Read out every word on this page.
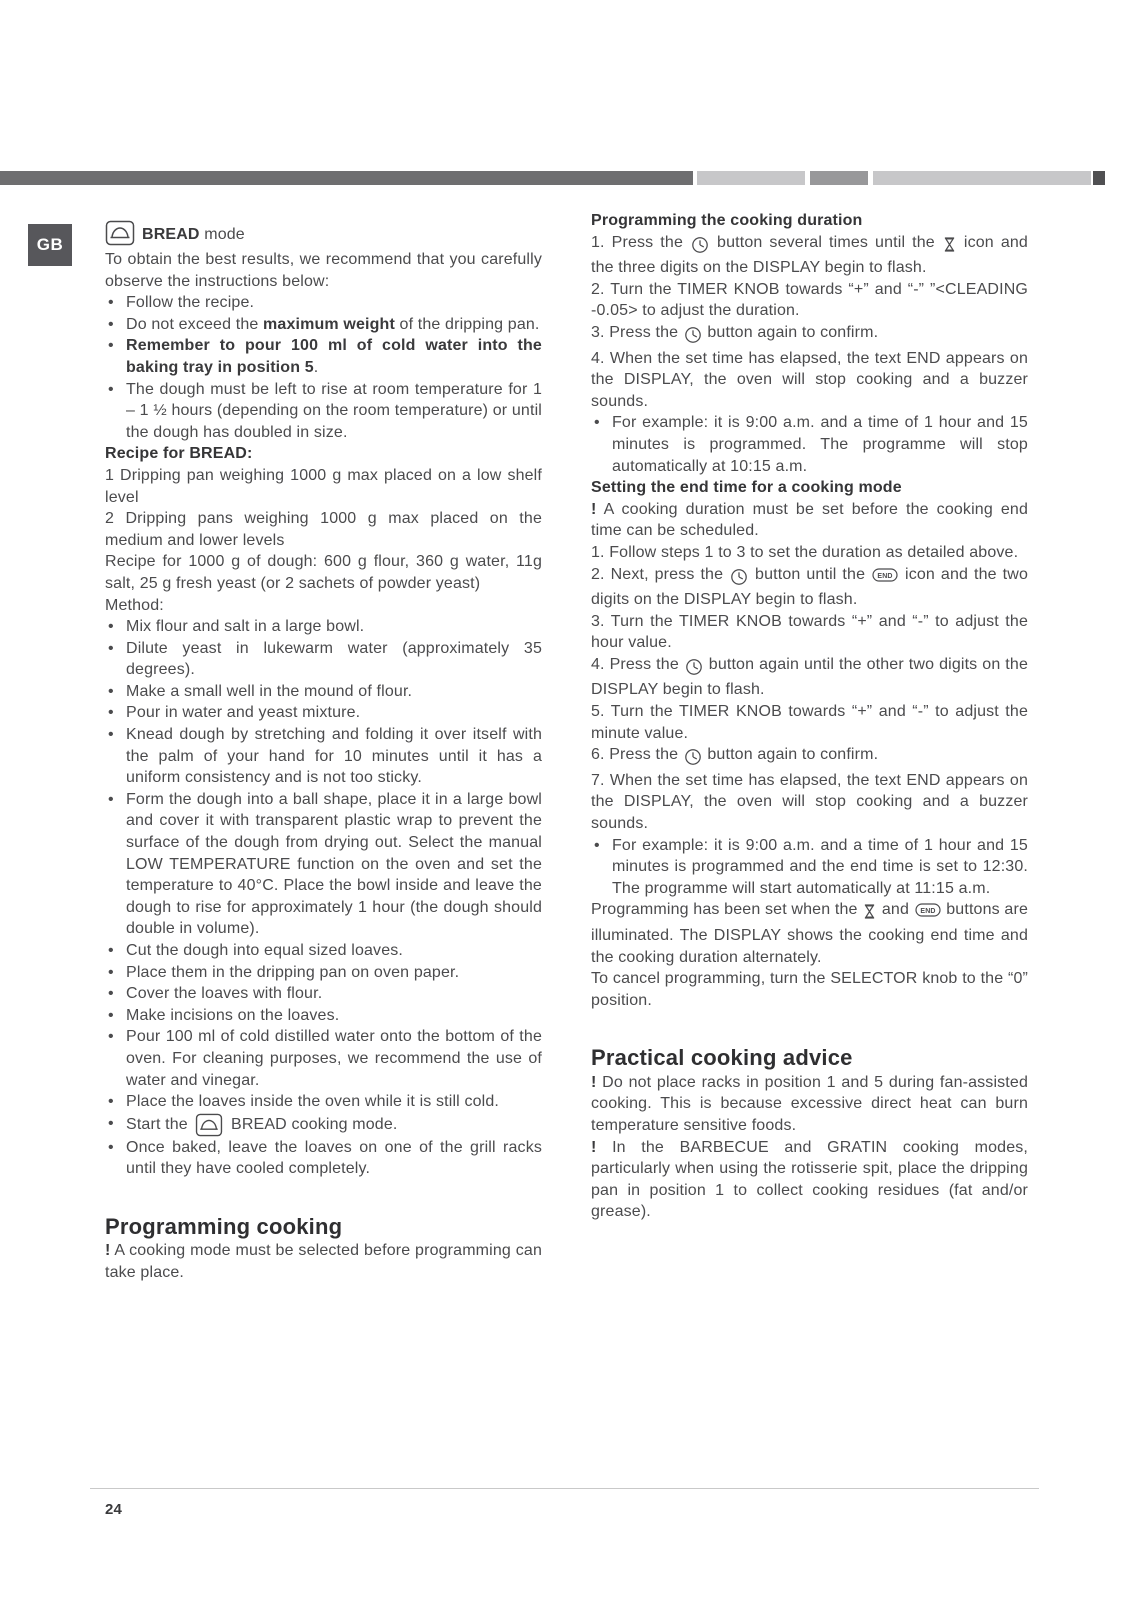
GB	BREAD mode

To obtain the best results, we recommend that you carefully observe the instructions below:

• Follow the recipe.
• Do not exceed the maximum weight of the dripping pan.
• Remember to pour 100 ml of cold water into the baking tray in position 5.
• The dough must be left to rise at room temperature for 1 – 1 ½ hours (depending on the room temperature) or until the dough has doubled in size.

Recipe for BREAD:

1 Dripping pan weighing 1000 g max placed on a low shelf level

2 Dripping pans weighing 1000 g max placed on the medium and lower levels

Recipe for 1000 g of dough: 600 g flour, 360 g water, 11g salt, 25 g fresh yeast (or 2 sachets of powder yeast)

Method:

• Mix flour and salt in a large bowl.
• Dilute yeast in lukewarm water (approximately 35 degrees).
• Make a small well in the mound of flour.
• Pour in water and yeast mixture.
• Knead dough by stretching and folding it over itself with the palm of your hand for 10 minutes until it has a uniform consistency and is not too sticky.
• Form the dough into a ball shape, place it in a large bowl and cover it with transparent plastic wrap to prevent the surface of the dough from drying out. Select the manual LOW TEMPERATURE function on the oven and set the temperature to 40°C. Place the bowl inside and leave the dough to rise for approximately 1 hour (the dough should double in volume).
• Cut the dough into equal sized loaves.
• Place them in the dripping pan on oven paper.
• Cover the loaves with flour.
• Make incisions on the loaves.
• Pour 100 ml of cold distilled water onto the bottom of the oven. For cleaning purposes, we recommend the use of water and vinegar.
• Place the loaves inside the oven while it is still cold.
• Start the
BREAD cooking mode.
• Once baked, leave the loaves on one of the grill racks until they have cooled completely.
Programming cooking

! A cooking mode must be selected before programming can take place.

Programming the cooking duration

1. Press the  button several times until the  icon and the three digits on the DISPLAY begin to flash.

2. Turn the TIMER KNOB towards “+” and “-” ”<CLEADING -0.05> to adjust the duration.

3. Press the  button again to confirm.

4. When the set time has elapsed, the text END appears on the DISPLAY, the oven will stop cooking and a buzzer sounds.

• For example: it is 9:00 a.m. and a time of 1 hour and 15 minutes is programmed. The programme will stop automatically at 10:15 a.m.

Setting the end time for a cooking mode

! A cooking duration must be set before the cooking end time can be scheduled.

1. Follow steps 1 to 3 to set the duration as detailed above.

2. Next, press the  button until the END icon and the two digits on the DISPLAY begin to flash.

3. Turn the TIMER KNOB towards “+” and “-” to adjust the hour value.

4. Press the  button again until the other two digits on the DISPLAY begin to flash.

5. Turn the TIMER KNOB towards “+” and “-” to adjust the minute value.

6. Press the  button again to confirm.

7. When the set time has elapsed, the text END appears on the DISPLAY, the oven will stop cooking and a buzzer sounds.

• For example: it is 9:00 a.m. and a time of 1 hour and 15 minutes is programmed and the end time is set to 12:30. The programme will start automatically at 11:15 a.m.

Programming has been set when the  and END buttons are illuminated. The DISPLAY shows the cooking end time and the cooking duration alternately.

To cancel programming, turn the SELECTOR knob to the “0” position.

Practical cooking advice

! Do not place racks in position 1 and 5 during fan-assisted cooking. This is because excessive direct heat can burn temperature sensitive foods.

! In the BARBECUE and GRATIN cooking modes, particularly when using the rotisserie spit, place the dripping pan in position 1 to collect cooking residues (fat and/or grease).

24
